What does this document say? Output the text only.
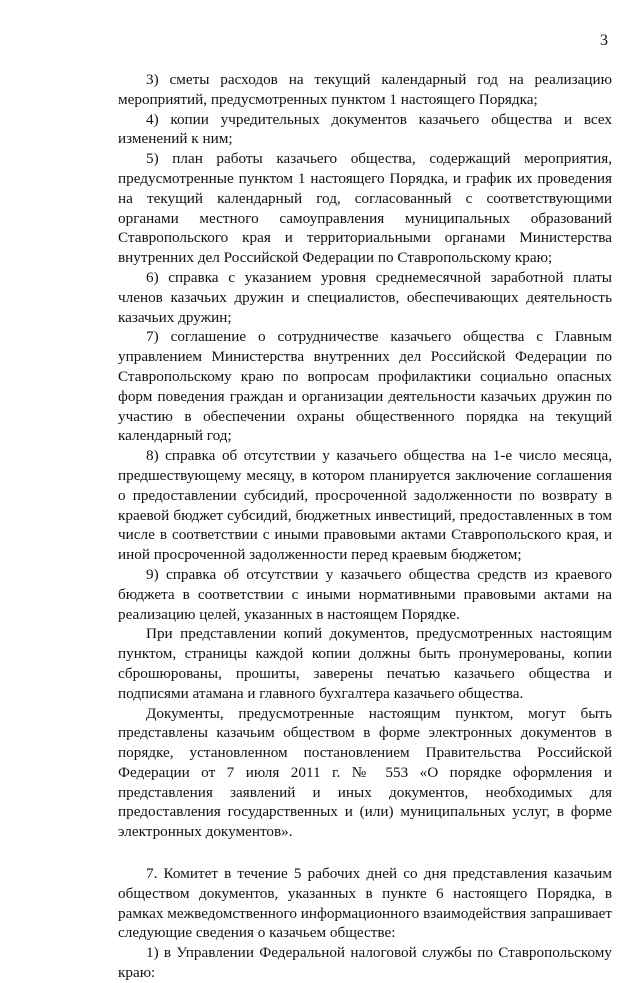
3

3) сметы расходов на текущий календарный год на реализацию мероприятий, предусмотренных пунктом 1 настоящего Порядка;

4) копии учредительных документов казачьего общества и всех изменений к ним;

5) план работы казачьего общества, содержащий мероприятия, предусмотренные пунктом 1 настоящего Порядка, и график их проведения на текущий календарный год, согласованный с соответствующими органами местного самоуправления муниципальных образований Ставропольского края и территориальными органами Министерства внутренних дел Российской Федерации по Ставропольскому краю;

6) справка с указанием уровня среднемесячной заработной платы членов казачьих дружин и специалистов, обеспечивающих деятельность казачьих дружин;

7) соглашение о сотрудничестве казачьего общества с Главным управлением Министерства внутренних дел Российской Федерации по Ставропольскому краю по вопросам профилактики социально опасных форм поведения граждан и организации деятельности казачьих дружин по участию в обеспечении охраны общественного порядка на текущий календарный год;

8) справка об отсутствии у казачьего общества на 1-е число месяца, предшествующему месяцу, в котором планируется заключение соглашения о предоставлении субсидий, просроченной задолженности по возврату в краевой бюджет субсидий, бюджетных инвестиций, предоставленных в том числе в соответствии с иными правовыми актами Ставропольского края, и иной просроченной задолженности перед краевым бюджетом;

9) справка об отсутствии у казачьего общества средств из краевого бюджета в соответствии с иными нормативными правовыми актами на реализацию целей, указанных в настоящем Порядке.

При представлении копий документов, предусмотренных настоящим пунктом, страницы каждой копии должны быть пронумерованы, копии сброшюрованы, прошиты, заверены печатью казачьего общества и подписями атамана и главного бухгалтера казачьего общества.

Документы, предусмотренные настоящим пунктом, могут быть представлены казачьим обществом в форме электронных документов в порядке, установленном постановлением Правительства Российской Федерации от 7 июля 2011 г. № 553 «О порядке оформления и представления заявлений и иных документов, необходимых для предоставления государственных и (или) муниципальных услуг, в форме электронных документов».

7. Комитет в течение 5 рабочих дней со дня представления казачьим обществом документов, указанных в пункте 6 настоящего Порядка, в рамках межведомственного информационного взаимодействия запрашивает следующие сведения о казачьем обществе:

1) в Управлении Федеральной налоговой службы по Ставропольскому краю:
